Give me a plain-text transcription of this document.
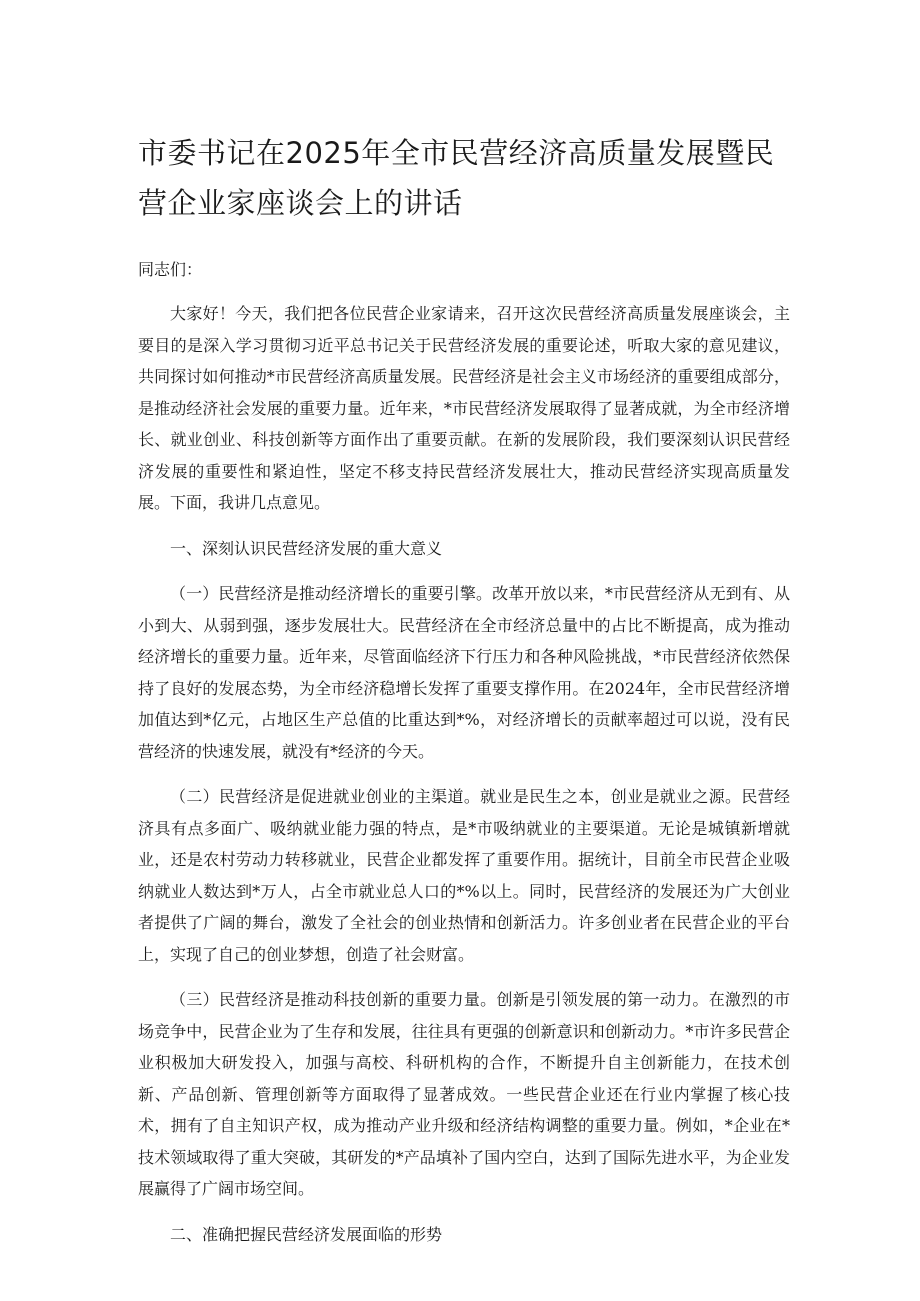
市委书记在2025年全市民营经济高质量发展暨民营企业家座谈会上的讲话

同志们：

大家好！今天，我们把各位民营企业家请来，召开这次民营经济高质量发展座谈会，主要目的是深入学习贯彻习近平总书记关于民营经济发展的重要论述，听取大家的意见建议，共同探讨如何推动*市民营经济高质量发展。民营经济是社会主义市场经济的重要组成部分，是推动经济社会发展的重要力量。近年来，*市民营经济发展取得了显著成就，为全市经济增长、就业创业、科技创新等方面作出了重要贡献。在新的发展阶段，我们要深刻认识民营经济发展的重要性和紧迫性，坚定不移支持民营经济发展壮大，推动民营经济实现高质量发展。下面，我讲几点意见。

一、深刻认识民营经济发展的重大意义

（一）民营经济是推动经济增长的重要引擎。改革开放以来，*市民营经济从无到有、从小到大、从弱到强，逐步发展壮大。民营经济在全市经济总量中的占比不断提高，成为推动经济增长的重要力量。近年来，尽管面临经济下行压力和各种风险挑战，*市民营经济依然保持了良好的发展态势，为全市经济稳增长发挥了重要支撑作用。在2024年，全市民营经济增加值达到*亿元，占地区生产总值的比重达到*%，对经济增长的贡献率超过可以说，没有民营经济的快速发展，就没有*经济的今天。

（二）民营经济是促进就业创业的主渠道。就业是民生之本，创业是就业之源。民营经济具有点多面广、吸纳就业能力强的特点，是*市吸纳就业的主要渠道。无论是城镇新增就业，还是农村劳动力转移就业，民营企业都发挥了重要作用。据统计，目前全市民营企业吸纳就业人数达到*万人，占全市就业总人口的*%以上。同时，民营经济的发展还为广大创业者提供了广阔的舞台，激发了全社会的创业热情和创新活力。许多创业者在民营企业的平台上，实现了自己的创业梦想，创造了社会财富。

（三）民营经济是推动科技创新的重要力量。创新是引领发展的第一动力。在激烈的市场竞争中，民营企业为了生存和发展，往往具有更强的创新意识和创新动力。*市许多民营企业积极加大研发投入，加强与高校、科研机构的合作，不断提升自主创新能力，在技术创新、产品创新、管理创新等方面取得了显著成效。一些民营企业还在行业内掌握了核心技术，拥有了自主知识产权，成为推动产业升级和经济结构调整的重要力量。例如，*企业在*技术领域取得了重大突破，其研发的*产品填补了国内空白，达到了国际先进水平，为企业发展赢得了广阔市场空间。

二、准确把握民营经济发展面临的形势
